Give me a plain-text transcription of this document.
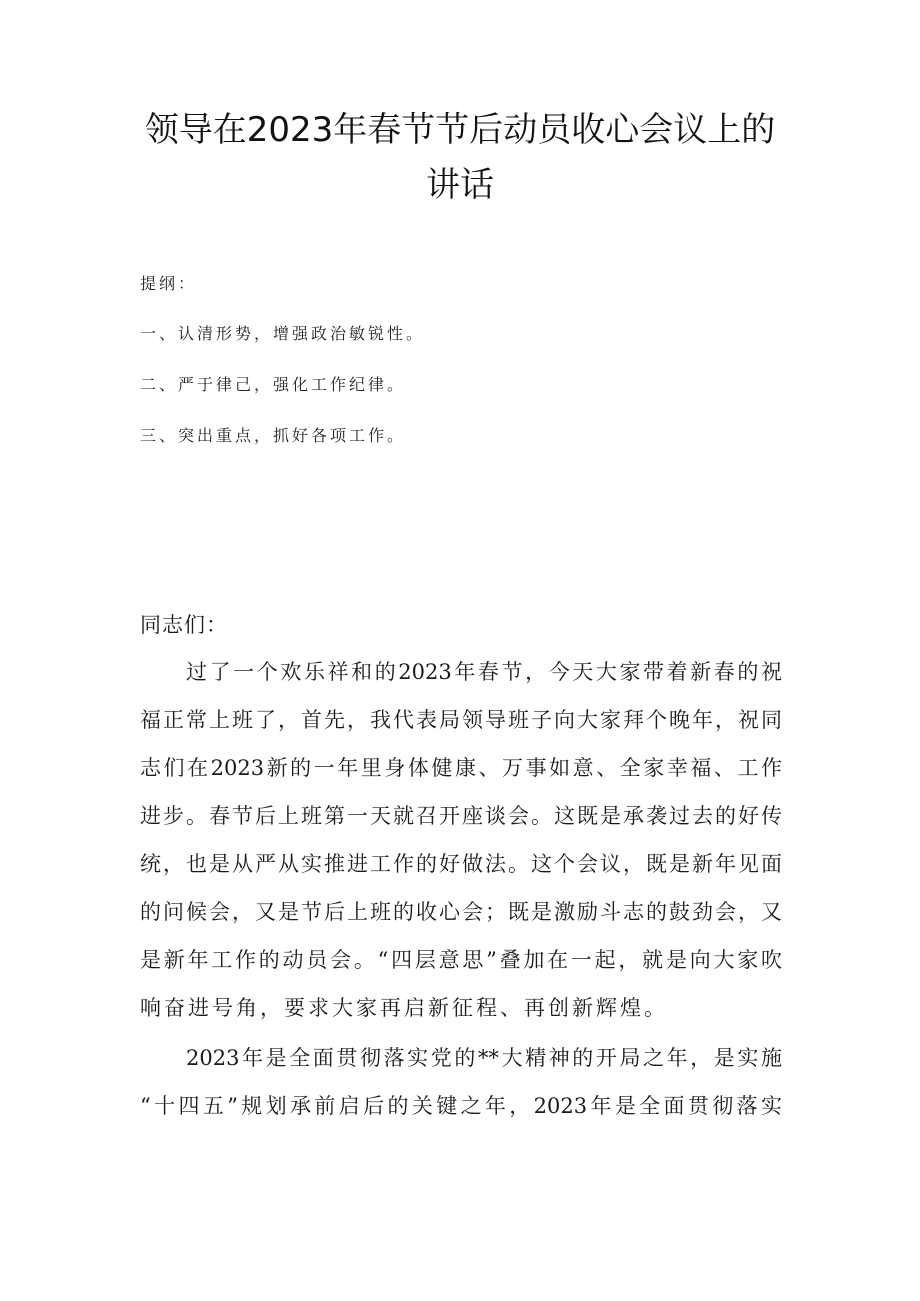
领导在2023年春节节后动员收心会议上的
讲话
提纲：
一、认清形势，增强政治敏锐性。
二、严于律己，强化工作纪律。
三、突出重点，抓好各项工作。
同志们：
过了一个欢乐祥和的2023年春节，今天大家带着新春的祝
福正常上班了，首先，我代表局领导班子向大家拜个晚年，祝同
志们在2023新的一年里身体健康、万事如意、全家幸福、工作
进步。春节后上班第一天就召开座谈会。这既是承袭过去的好传
统，也是从严从实推进工作的好做法。这个会议，既是新年见面
的问候会，又是节后上班的收心会；既是激励斗志的鼓劲会，又
是新年工作的动员会。“四层意思”叠加在一起，就是向大家吹
响奋进号角，要求大家再启新征程、再创新辉煌。
2023年是全面贯彻落实党的**大精神的开局之年，是实施
“十四五”规划承前启后的关键之年，2023年是全面贯彻落实
